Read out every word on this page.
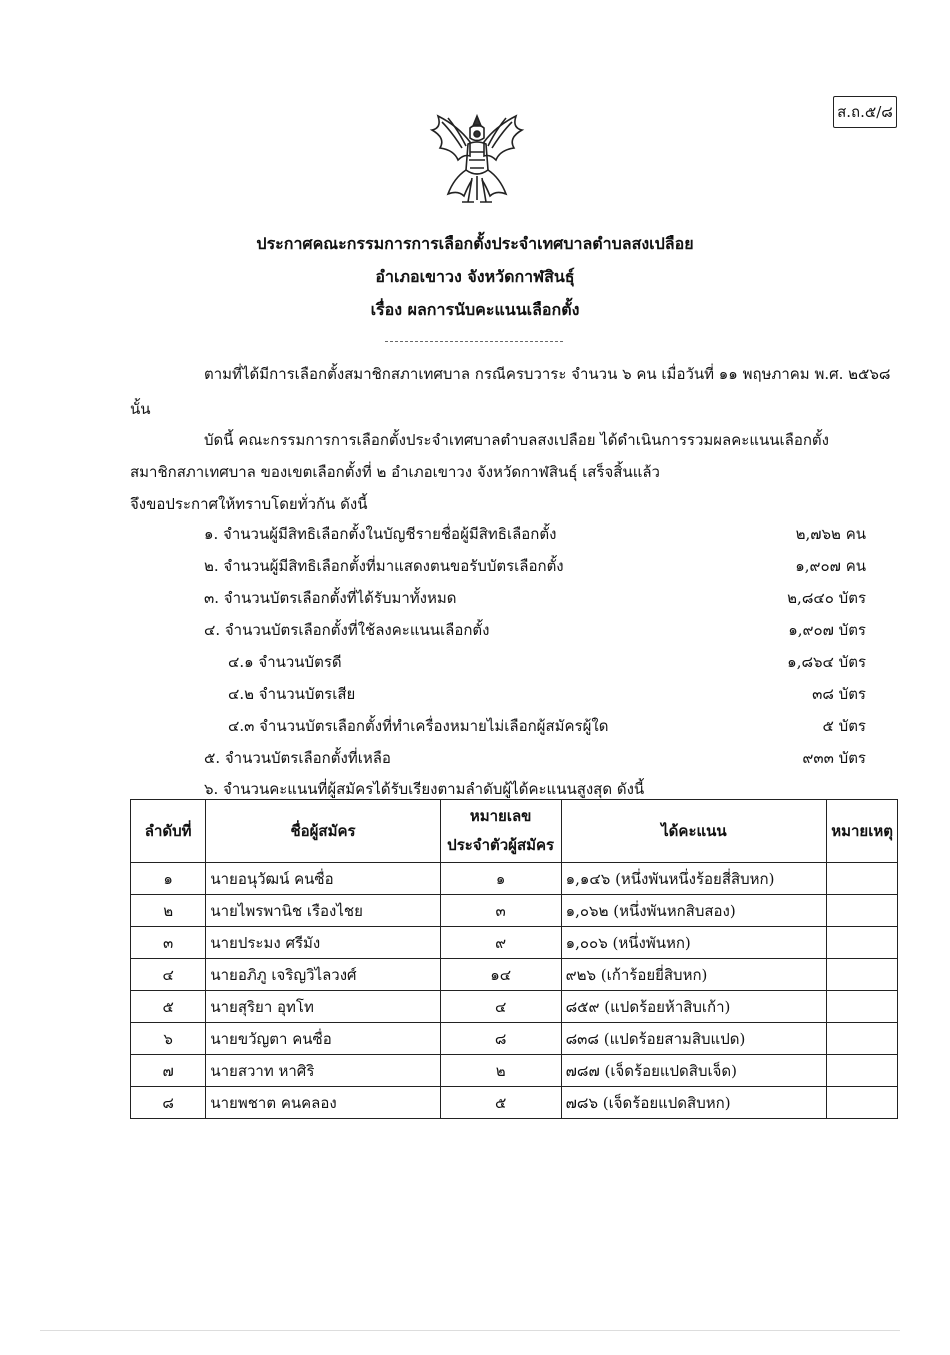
ส.ถ.๕/๘
ประกาศคณะกรรมการการเลือกตั้งประจำเทศบาลตำบลสงเปลือย
อำเภอเขาวง จังหวัดกาฬสินธุ์
เรื่อง ผลการนับคะแนนเลือกตั้ง
ตามที่ได้มีการเลือกตั้งสมาชิกสภาเทศบาล กรณีครบวาระ จำนวน ๖ คน เมื่อวันที่ ๑๑ พฤษภาคม พ.ศ. ๒๕๖๘
นั้น
บัดนี้ คณะกรรมการการเลือกตั้งประจำเทศบาลตำบลสงเปลือย ได้ดำเนินการรวมผลคะแนนเลือกตั้ง
สมาชิกสภาเทศบาล ของเขตเลือกตั้งที่ ๒ อำเภอเขาวง จังหวัดกาฬสินธุ์ เสร็จสิ้นแล้ว
จึงขอประกาศให้ทราบโดยทั่วกัน ดังนี้
๑. จำนวนผู้มีสิทธิเลือกตั้งในบัญชีรายชื่อผู้มีสิทธิเลือกตั้ง	๒,๗๖๒ คน
๒. จำนวนผู้มีสิทธิเลือกตั้งที่มาแสดงตนขอรับบัตรเลือกตั้ง	๑,๙๐๗ คน
๓. จำนวนบัตรเลือกตั้งที่ได้รับมาทั้งหมด	๒,๘๔๐ บัตร
๔. จำนวนบัตรเลือกตั้งที่ใช้ลงคะแนนเลือกตั้ง	๑,๙๐๗ บัตร
๔.๑ จำนวนบัตรดี	๑,๘๖๔ บัตร
๔.๒ จำนวนบัตรเสีย	๓๘ บัตร
๔.๓ จำนวนบัตรเลือกตั้งที่ทำเครื่องหมายไม่เลือกผู้สมัครผู้ใด	๕ บัตร
๕. จำนวนบัตรเลือกตั้งที่เหลือ	๙๓๓ บัตร
๖. จำนวนคะแนนที่ผู้สมัครได้รับเรียงตามลำดับผู้ได้คะแนนสูงสุด ดังนี้
ลำดับที่	ชื่อผู้สมัคร	หมายเลข
ประจำตัวผู้สมัคร	ได้คะแนน	หมายเหตุ
๑	นายอนุวัฒน์ คนซื่อ	๑	๑,๑๔๖ (หนึ่งพันหนึ่งร้อยสี่สิบหก)	
๒	นายไพรพานิช เรืองไชย	๓	๑,๐๖๒ (หนึ่งพันหกสิบสอง)	
๓	นายประมง ศรีมัง	๙	๑,๐๐๖ (หนึ่งพันหก)	
๔	นายอภิภู เจริญวิไลวงศ์	๑๔	๙๒๖ (เก้าร้อยยี่สิบหก)	
๕	นายสุริยา อุทโท	๔	๘๕๙ (แปดร้อยห้าสิบเก้า)	
๖	นายขวัญตา คนซื่อ	๘	๘๓๘ (แปดร้อยสามสิบแปด)	
๗	นายสวาท หาศิริ	๒	๗๘๗ (เจ็ดร้อยแปดสิบเจ็ด)	
๘	นายพชาต คนคลอง	๕	๗๘๖ (เจ็ดร้อยแปดสิบหก)	
